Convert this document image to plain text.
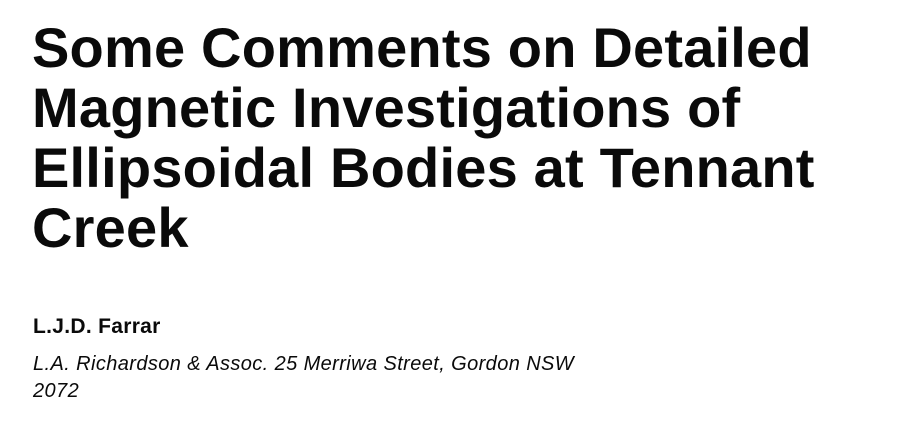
Some Comments on Detailed
Magnetic Investigations of
Ellipsoidal Bodies at Tennant
Creek

L.J.D. Farrar

L.A. Richardson & Assoc. 25 Merriwa Street, Gordon NSW
2072
